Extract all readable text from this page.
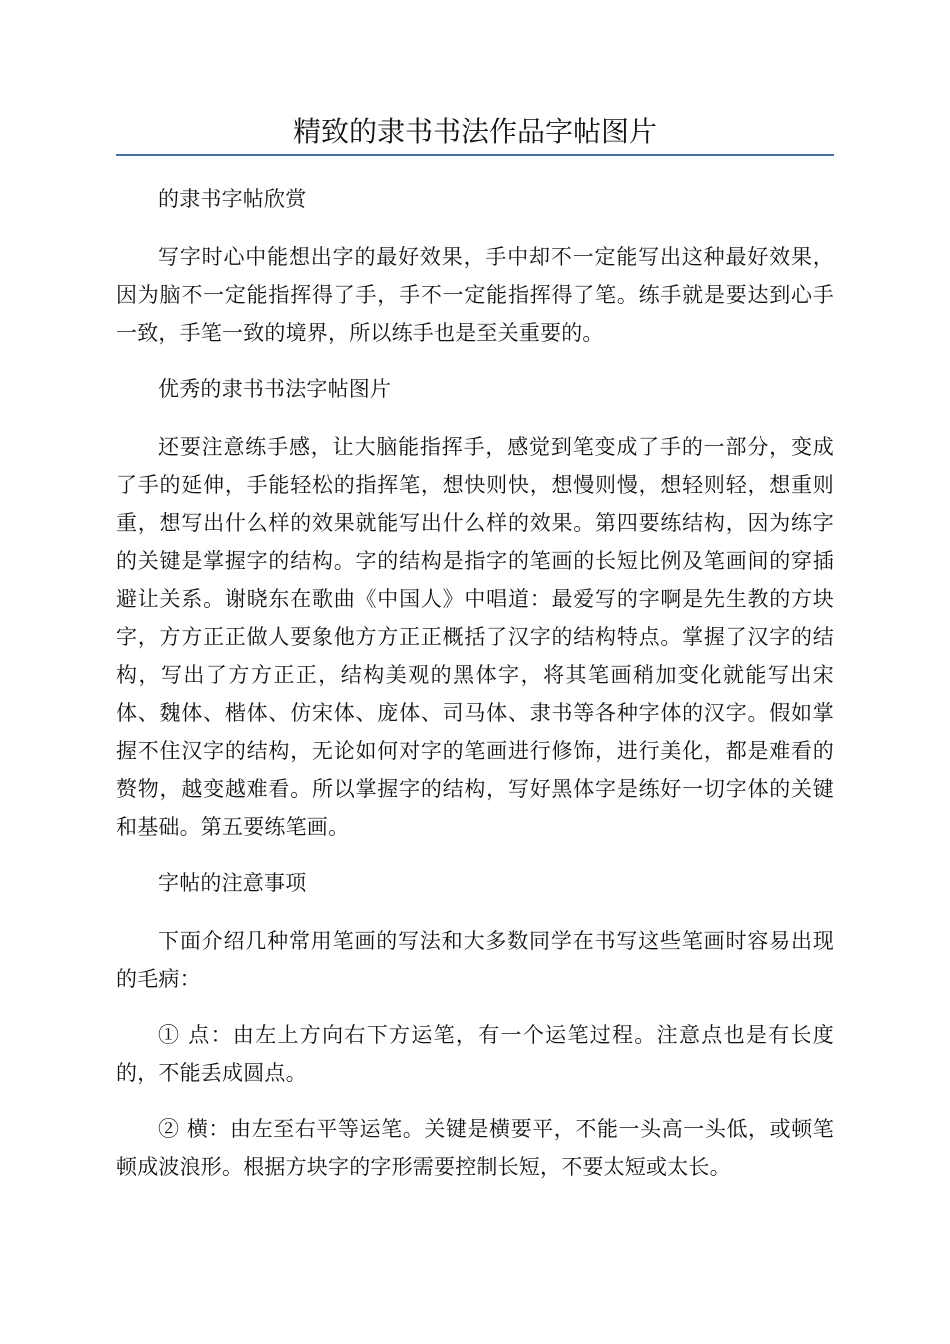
精致的隶书书法作品字帖图片

的隶书字帖欣赏

写字时心中能想出字的最好效果，手中却不一定能写出这种最好效果，因为脑不一定能指挥得了手，手不一定能指挥得了笔。练手就是要达到心手一致，手笔一致的境界，所以练手也是至关重要的。

优秀的隶书书法字帖图片

还要注意练手感，让大脑能指挥手，感觉到笔变成了手的一部分，变成了手的延伸，手能轻松的指挥笔，想快则快，想慢则慢，想轻则轻，想重则重，想写出什么样的效果就能写出什么样的效果。第四要练结构，因为练字的关键是掌握字的结构。字的结构是指字的笔画的长短比例及笔画间的穿插避让关系。谢晓东在歌曲《中国人》中唱道：最爱写的字啊是先生教的方块字，方方正正做人要象他方方正正概括了汉字的结构特点。掌握了汉字的结构，写出了方方正正，结构美观的黑体字，将其笔画稍加变化就能写出宋体、魏体、楷体、仿宋体、庞体、司马体、隶书等各种字体的汉字。假如掌握不住汉字的结构，无论如何对字的笔画进行修饰，进行美化，都是难看的赘物，越变越难看。所以掌握字的结构，写好黑体字是练好一切字体的关键和基础。第五要练笔画。

字帖的注意事项

下面介绍几种常用笔画的写法和大多数同学在书写这些笔画时容易出现的毛病：

① 点：由左上方向右下方运笔，有一个运笔过程。注意点也是有长度的，不能丢成圆点。

② 横：由左至右平等运笔。关键是横要平，不能一头高一头低，或顿笔顿成波浪形。根据方块字的字形需要控制长短，不要太短或太长。
